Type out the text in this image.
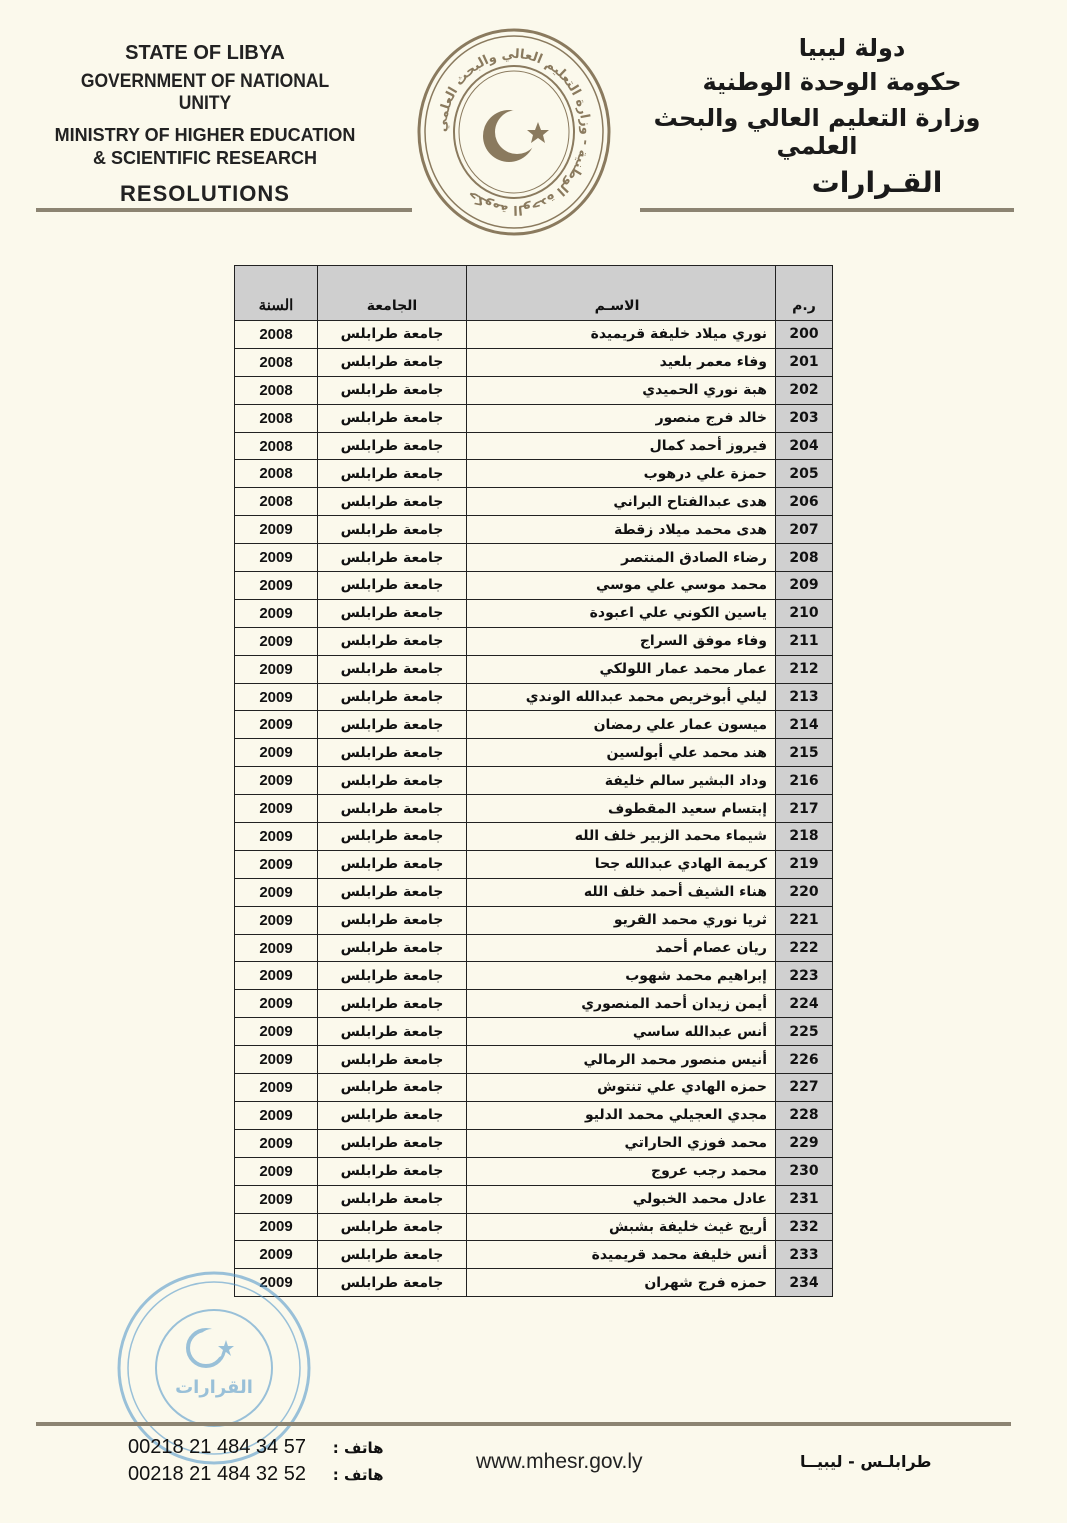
STATE OF LIBYA
GOVERNMENT OF NATIONAL UNITY
MINISTRY OF HIGHER EDUCATION
& SCIENTIFIC RESEARCH
RESOLUTIONS
دولة ليبيا
حكومة الوحدة الوطنية
وزارة التعليم العالي والبحث العلمي
القـرارات
حكومة الوحدة الوطنية - وزارة التعليم العالي والبحث العلمي
ر.م	الاسـم	الجامعة	السنة
200	نوري ميلاد خليفة قريميدة	جامعة طرابلس	2008
201	وفاء معمر بلعيد	جامعة طرابلس	2008
202	هبة نوري الحميدي	جامعة طرابلس	2008
203	خالد فرج منصور	جامعة طرابلس	2008
204	فيروز أحمد كمال	جامعة طرابلس	2008
205	حمزة علي درهوب	جامعة طرابلس	2008
206	هدى عبدالفتاح البراني	جامعة طرابلس	2008
207	هدى محمد ميلاد زقطة	جامعة طرابلس	2009
208	رضاء الصادق المنتصر	جامعة طرابلس	2009
209	محمد موسي علي موسي	جامعة طرابلس	2009
210	ياسين الكوني علي اعبودة	جامعة طرابلس	2009
211	وفاء موفق السراج	جامعة طرابلس	2009
212	عمار محمد عمار اللولكي	جامعة طرابلس	2009
213	ليلي أبوخريص محمد عبدالله الوندي	جامعة طرابلس	2009
214	ميسون عمار علي رمضان	جامعة طرابلس	2009
215	هند محمد علي أبولسين	جامعة طرابلس	2009
216	وداد البشير سالم خليفة	جامعة طرابلس	2009
217	إبتسام سعيد المقطوف	جامعة طرابلس	2009
218	شيماء محمد الزبير خلف الله	جامعة طرابلس	2009
219	كريمة الهادي عبدالله جحا	جامعة طرابلس	2009
220	هناء الشيف أحمد خلف الله	جامعة طرابلس	2009
221	ثريا نوري محمد القريو	جامعة طرابلس	2009
222	ريان عصام أحمد	جامعة طرابلس	2009
223	إبراهيم محمد شهوب	جامعة طرابلس	2009
224	أيمن زيدان أحمد المنصوري	جامعة طرابلس	2009
225	أنس عبدالله ساسي	جامعة طرابلس	2009
226	أنيس منصور محمد الرمالي	جامعة طرابلس	2009
227	حمزه الهادي علي تنتوش	جامعة طرابلس	2009
228	مجدي العجيلي محمد الدليو	جامعة طرابلس	2009
229	محمد فوزي الحاراتي	جامعة طرابلس	2009
230	محمد رجب عروج	جامعة طرابلس	2009
231	عادل محمد الخبولي	جامعة طرابلس	2009
232	أريج غيث خليفة بشبش	جامعة طرابلس	2009
233	أنس خليفة محمد قريميدة	جامعة طرابلس	2009
234	حمزه فرج شهران	جامعة طرابلس	2009
القرارات
00218 21 484 34 57 هاتف :
00218 21 484 32 52 هاتف :
www.mhesr.gov.ly	طرابلـس - ليبيــا
